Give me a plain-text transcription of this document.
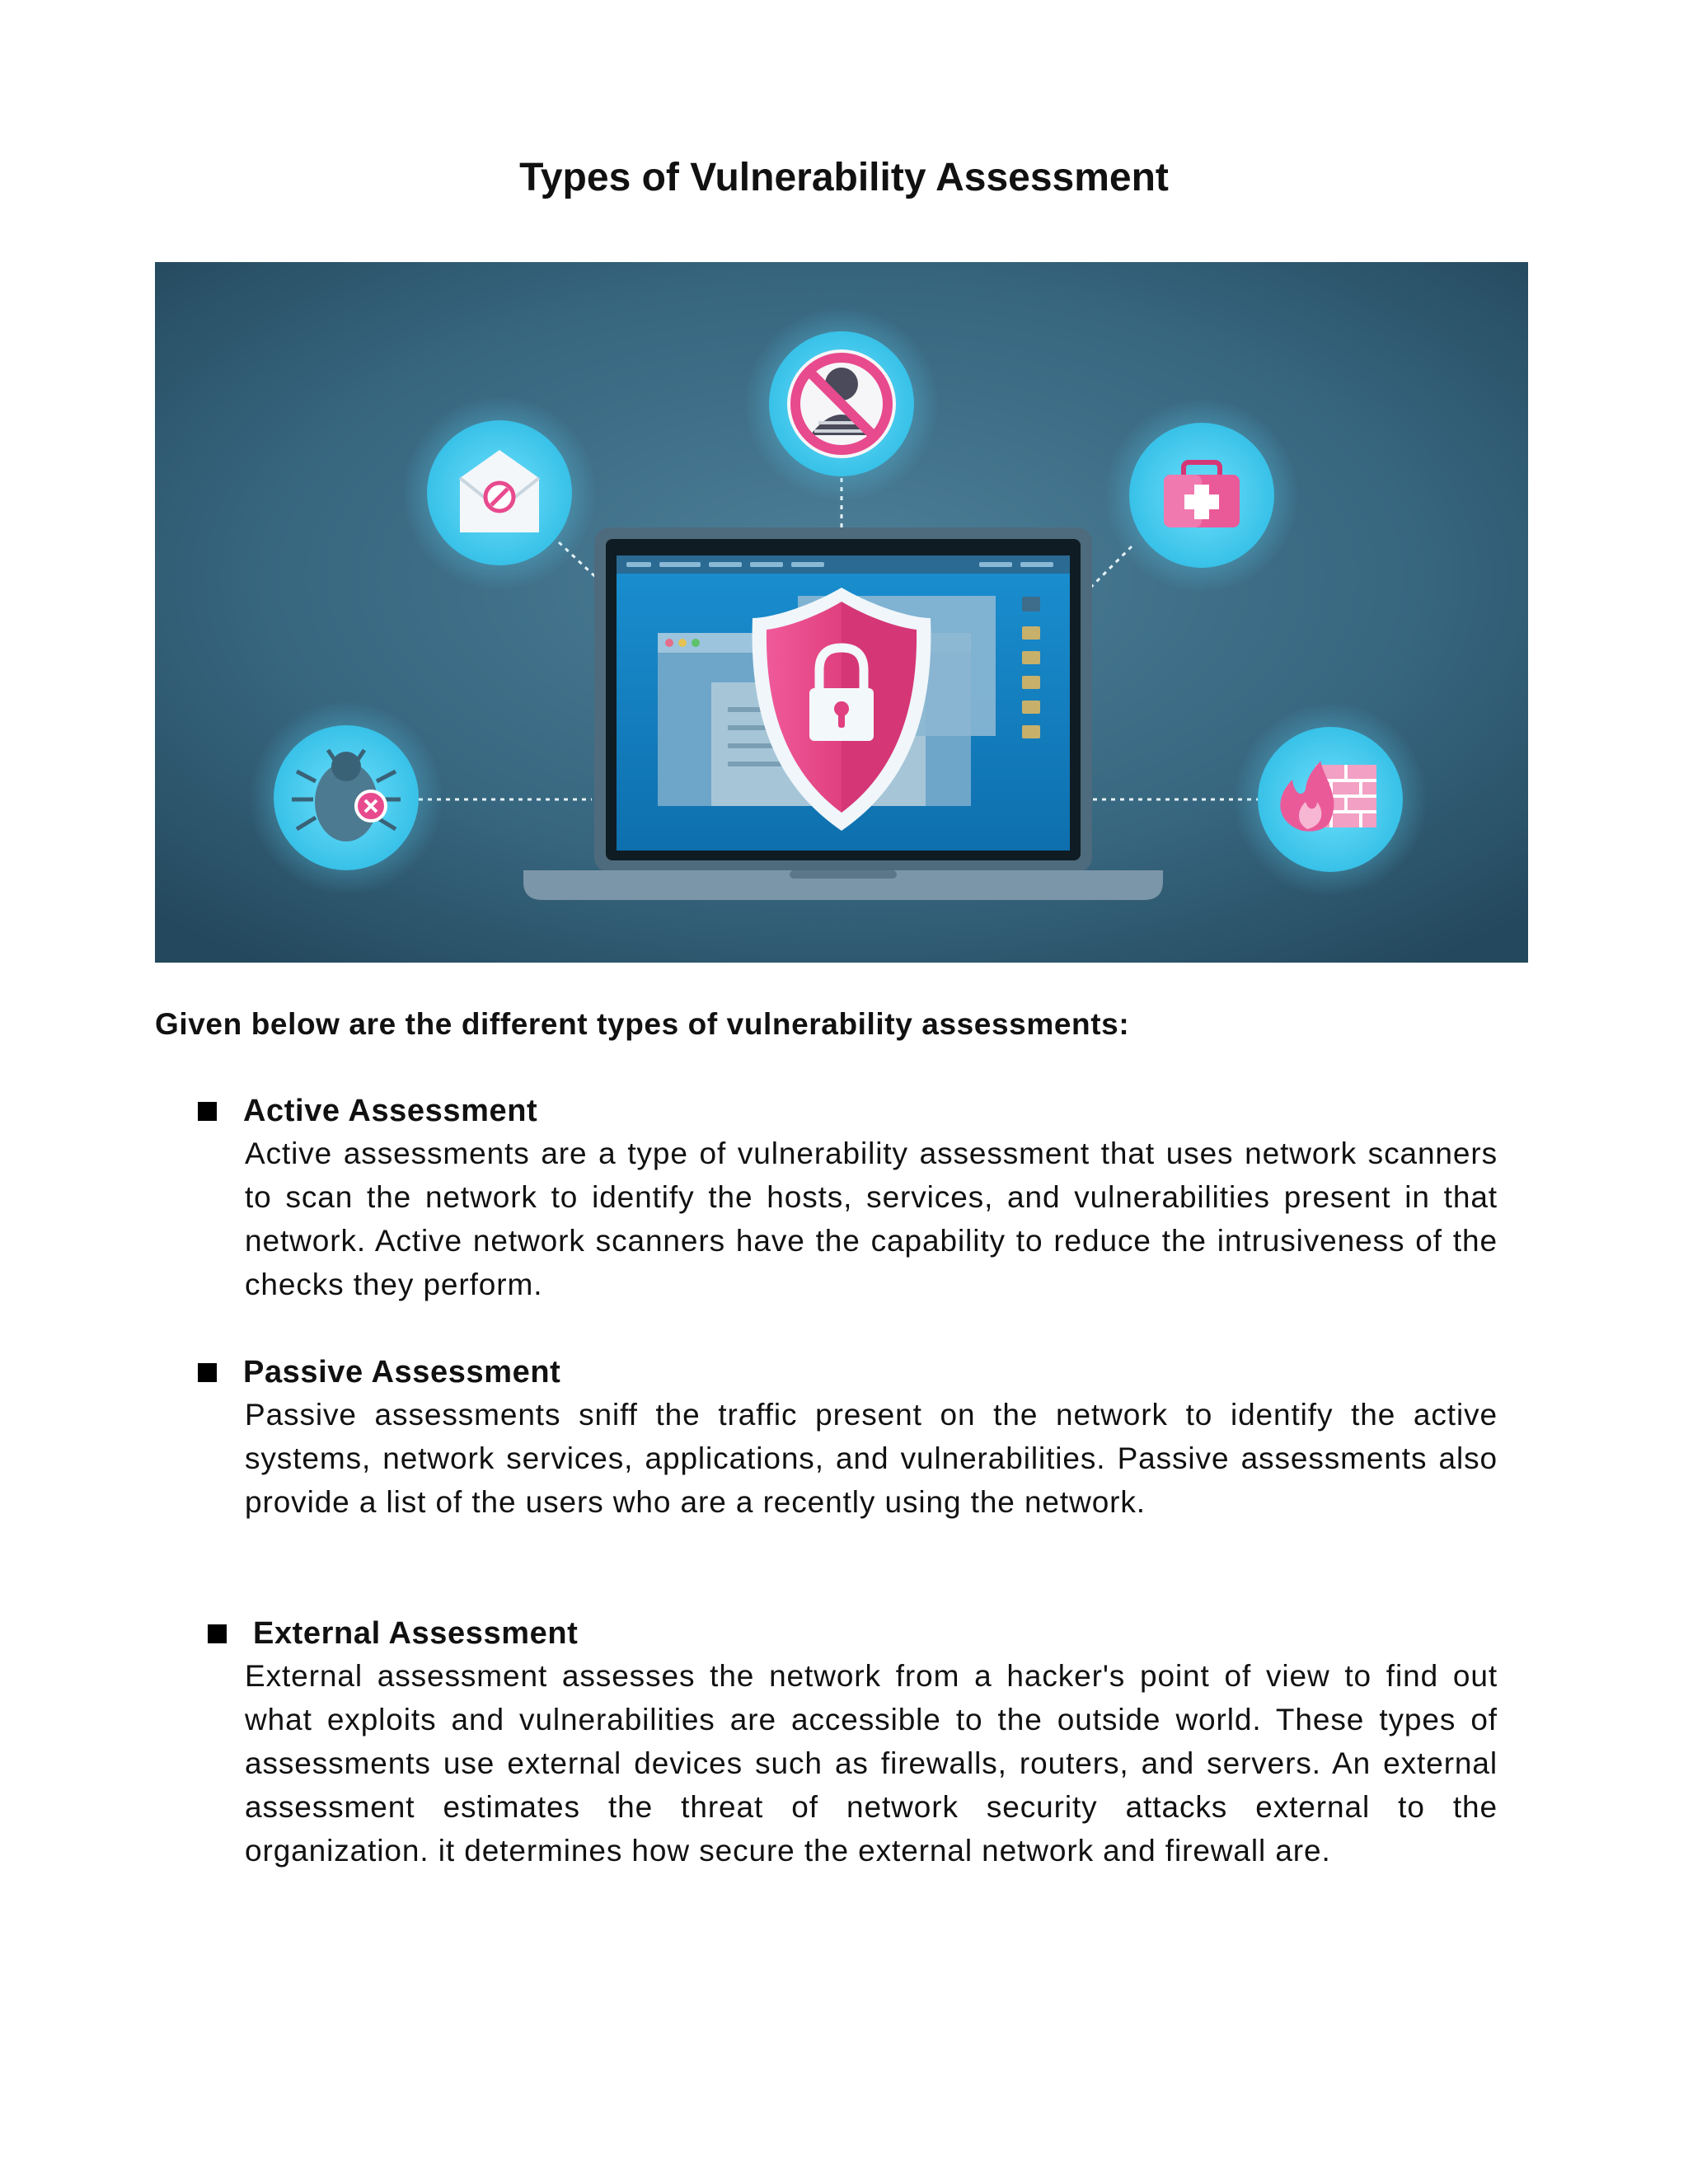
Types of Vulnerability Assessment

Given below are the different types of vulnerability assessments:

Active Assessment

Active assessments are a type of vulnerability assessment that uses network scanners to scan the network to identify the hosts, services, and vulnerabilities present in that network. Active network scanners have the capability to reduce the intrusiveness of the checks they perform.

Passive Assessment

Passive assessments sniff the traffic present on the network to identify the active systems, network services, applications, and vulnerabilities. Passive assessments also provide a list of the users who are a recently using the network.

External Assessment

External assessment assesses the network from a hacker's point of view to find out what exploits and vulnerabilities are accessible to the outside world. These types of assessments use external devices such as firewalls, routers, and servers. An external assessment estimates the threat of network security attacks external to the organization. it determines how secure the external network and firewall are.
